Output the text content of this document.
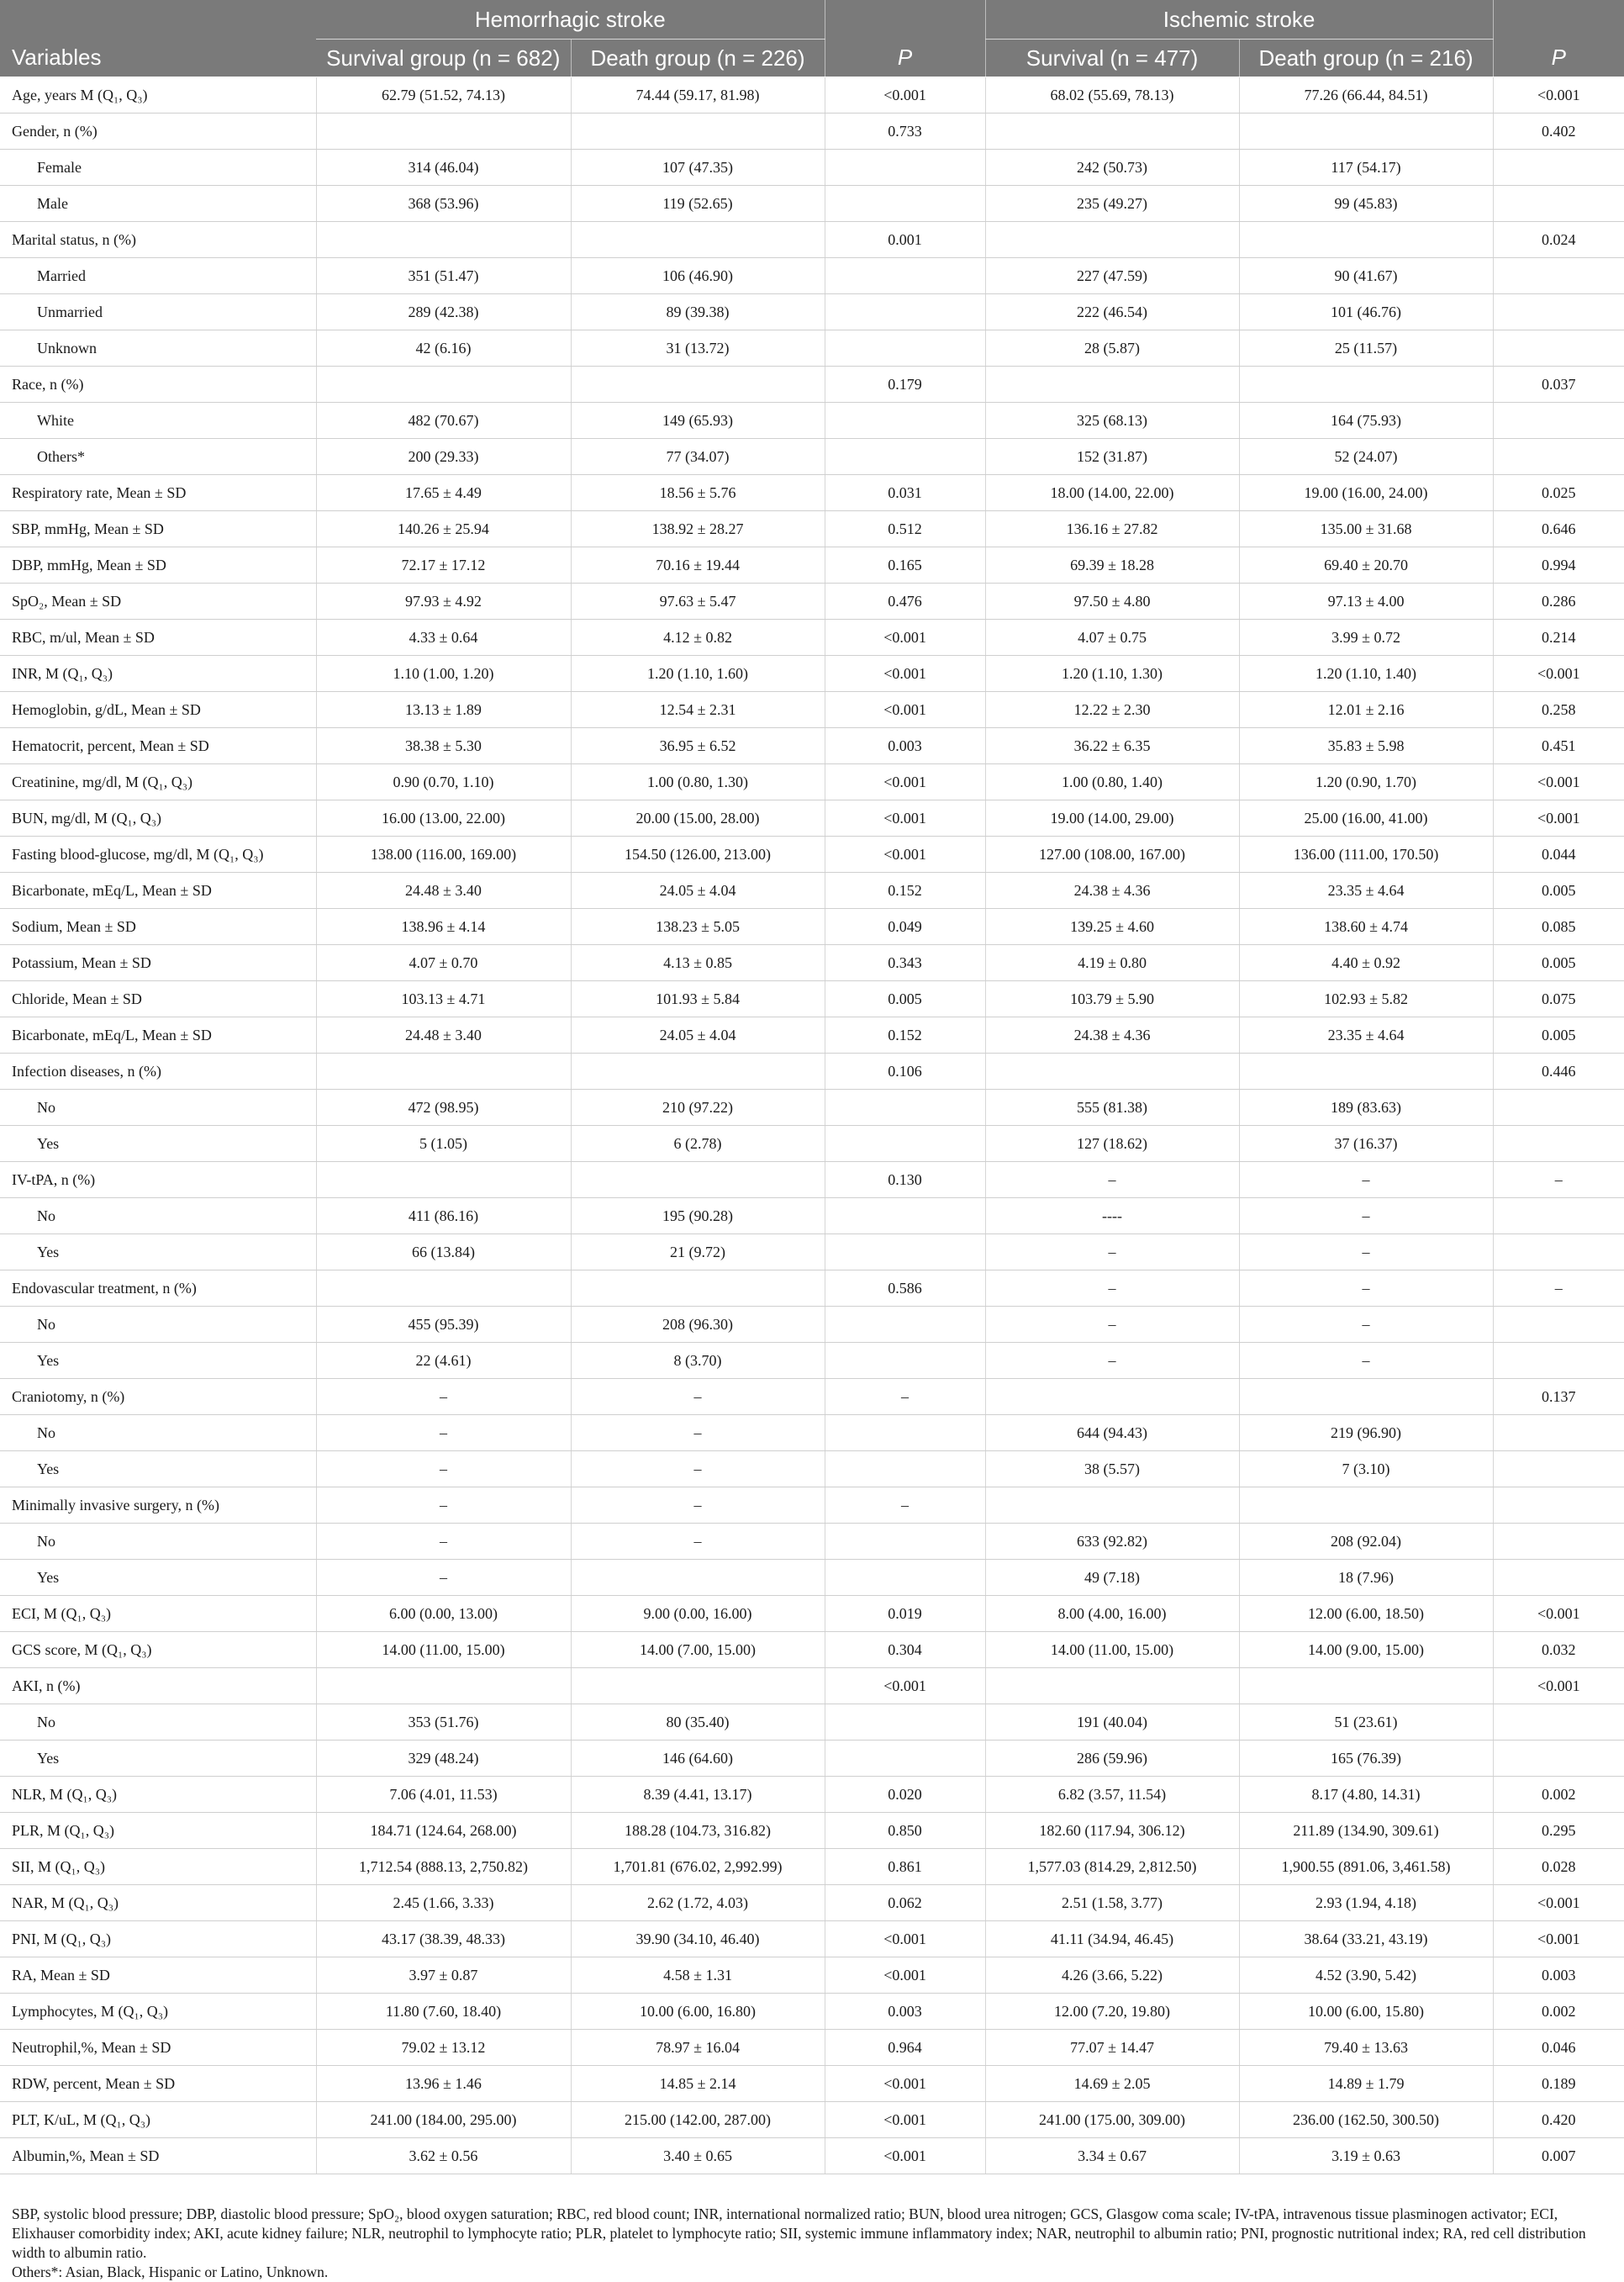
	Hemorrhagic stroke			Ischemic stroke		
Variables	Survival group (n = 682)	Death group (n = 226)	P	Survival (n = 477)	Death group (n = 216)	P
Age, years M (Q₁, Q₃)	62.79 (51.52, 74.13)	74.44 (59.17, 81.98)	<0.001	68.02 (55.69, 78.13)	77.26 (66.44, 84.51)	<0.001
Gender, n (%)			0.733			0.402
Female	314 (46.04)	107 (47.35)		242 (50.73)	117 (54.17)	
Male	368 (53.96)	119 (52.65)		235 (49.27)	99 (45.83)	
Marital status, n (%)			0.001			0.024
Married	351 (51.47)	106 (46.90)		227 (47.59)	90 (41.67)	
Unmarried	289 (42.38)	89 (39.38)		222 (46.54)	101 (46.76)	
Unknown	42 (6.16)	31 (13.72)		28 (5.87)	25 (11.57)	
Race, n (%)			0.179			0.037
White	482 (70.67)	149 (65.93)		325 (68.13)	164 (75.93)	
Others*	200 (29.33)	77 (34.07)		152 (31.87)	52 (24.07)	
Respiratory rate, Mean ± SD	17.65 ± 4.49	18.56 ± 5.76	0.031	18.00 (14.00, 22.00)	19.00 (16.00, 24.00)	0.025
SBP, mmHg, Mean ± SD	140.26 ± 25.94	138.92 ± 28.27	0.512	136.16 ± 27.82	135.00 ± 31.68	0.646
DBP, mmHg, Mean ± SD	72.17 ± 17.12	70.16 ± 19.44	0.165	69.39 ± 18.28	69.40 ± 20.70	0.994
SpO₂, Mean ± SD	97.93 ± 4.92	97.63 ± 5.47	0.476	97.50 ± 4.80	97.13 ± 4.00	0.286
RBC, m/ul, Mean ± SD	4.33 ± 0.64	4.12 ± 0.82	<0.001	4.07 ± 0.75	3.99 ± 0.72	0.214
INR, M (Q₁, Q₃)	1.10 (1.00, 1.20)	1.20 (1.10, 1.60)	<0.001	1.20 (1.10, 1.30)	1.20 (1.10, 1.40)	<0.001
Hemoglobin, g/dL, Mean ± SD	13.13 ± 1.89	12.54 ± 2.31	<0.001	12.22 ± 2.30	12.01 ± 2.16	0.258
Hematocrit, percent, Mean ± SD	38.38 ± 5.30	36.95 ± 6.52	0.003	36.22 ± 6.35	35.83 ± 5.98	0.451
Creatinine, mg/dl, M (Q₁, Q₃)	0.90 (0.70, 1.10)	1.00 (0.80, 1.30)	<0.001	1.00 (0.80, 1.40)	1.20 (0.90, 1.70)	<0.001
BUN, mg/dl, M (Q₁, Q₃)	16.00 (13.00, 22.00)	20.00 (15.00, 28.00)	<0.001	19.00 (14.00, 29.00)	25.00 (16.00, 41.00)	<0.001
Fasting blood-glucose, mg/dl, M (Q₁, Q₃)	138.00 (116.00, 169.00)	154.50 (126.00, 213.00)	<0.001	127.00 (108.00, 167.00)	136.00 (111.00, 170.50)	0.044
Bicarbonate, mEq/L, Mean ± SD	24.48 ± 3.40	24.05 ± 4.04	0.152	24.38 ± 4.36	23.35 ± 4.64	0.005
Sodium, Mean ± SD	138.96 ± 4.14	138.23 ± 5.05	0.049	139.25 ± 4.60	138.60 ± 4.74	0.085
Potassium, Mean ± SD	4.07 ± 0.70	4.13 ± 0.85	0.343	4.19 ± 0.80	4.40 ± 0.92	0.005
Chloride, Mean ± SD	103.13 ± 4.71	101.93 ± 5.84	0.005	103.79 ± 5.90	102.93 ± 5.82	0.075
Bicarbonate, mEq/L, Mean ± SD	24.48 ± 3.40	24.05 ± 4.04	0.152	24.38 ± 4.36	23.35 ± 4.64	0.005
Infection diseases, n (%)			0.106			0.446
No	472 (98.95)	210 (97.22)		555 (81.38)	189 (83.63)	
Yes	5 (1.05)	6 (2.78)		127 (18.62)	37 (16.37)	
IV-tPA, n (%)			0.130	–	–	–
No	411 (86.16)	195 (90.28)		----	–	
Yes	66 (13.84)	21 (9.72)		–	–	
Endovascular treatment, n (%)			0.586	–	–	–
No	455 (95.39)	208 (96.30)		–	–	
Yes	22 (4.61)	8 (3.70)		–	–	
Craniotomy, n (%)	–	–	–			0.137
No	–	–		644 (94.43)	219 (96.90)	
Yes	–	–		38 (5.57)	7 (3.10)	
Minimally invasive surgery, n (%)	–	–	–			
No	–	–		633 (92.82)	208 (92.04)	
Yes	–			49 (7.18)	18 (7.96)	
ECI, M (Q₁, Q₃)	6.00 (0.00, 13.00)	9.00 (0.00, 16.00)	0.019	8.00 (4.00, 16.00)	12.00 (6.00, 18.50)	<0.001
GCS score, M (Q₁, Q₃)	14.00 (11.00, 15.00)	14.00 (7.00, 15.00)	0.304	14.00 (11.00, 15.00)	14.00 (9.00, 15.00)	0.032
AKI, n (%)			<0.001			<0.001
No	353 (51.76)	80 (35.40)		191 (40.04)	51 (23.61)	
Yes	329 (48.24)	146 (64.60)		286 (59.96)	165 (76.39)	
NLR, M (Q₁, Q₃)	7.06 (4.01, 11.53)	8.39 (4.41, 13.17)	0.020	6.82 (3.57, 11.54)	8.17 (4.80, 14.31)	0.002
PLR, M (Q₁, Q₃)	184.71 (124.64, 268.00)	188.28 (104.73, 316.82)	0.850	182.60 (117.94, 306.12)	211.89 (134.90, 309.61)	0.295
SII, M (Q₁, Q₃)	1,712.54 (888.13, 2,750.82)	1,701.81 (676.02, 2,992.99)	0.861	1,577.03 (814.29, 2,812.50)	1,900.55 (891.06, 3,461.58)	0.028
NAR, M (Q₁, Q₃)	2.45 (1.66, 3.33)	2.62 (1.72, 4.03)	0.062	2.51 (1.58, 3.77)	2.93 (1.94, 4.18)	<0.001
PNI, M (Q₁, Q₃)	43.17 (38.39, 48.33)	39.90 (34.10, 46.40)	<0.001	41.11 (34.94, 46.45)	38.64 (33.21, 43.19)	<0.001
RA, Mean ± SD	3.97 ± 0.87	4.58 ± 1.31	<0.001	4.26 (3.66, 5.22)	4.52 (3.90, 5.42)	0.003
Lymphocytes, M (Q₁, Q₃)	11.80 (7.60, 18.40)	10.00 (6.00, 16.80)	0.003	12.00 (7.20, 19.80)	10.00 (6.00, 15.80)	0.002
Neutrophil,%, Mean ± SD	79.02 ± 13.12	78.97 ± 16.04	0.964	77.07 ± 14.47	79.40 ± 13.63	0.046
RDW, percent, Mean ± SD	13.96 ± 1.46	14.85 ± 2.14	<0.001	14.69 ± 2.05	14.89 ± 1.79	0.189
PLT, K/uL, M (Q₁, Q₃)	241.00 (184.00, 295.00)	215.00 (142.00, 287.00)	<0.001	241.00 (175.00, 309.00)	236.00 (162.50, 300.50)	0.420
Albumin,%, Mean ± SD	3.62 ± 0.56	3.40 ± 0.65	<0.001	3.34 ± 0.67	3.19 ± 0.63	0.007

SBP, systolic blood pressure; DBP, diastolic blood pressure; SpO₂, blood oxygen saturation; RBC, red blood count; INR, international normalized ratio; BUN, blood urea nitrogen; GCS, Glasgow coma scale; IV-tPA, intravenous tissue plasminogen activator; ECI, Elixhauser comorbidity index; AKI, acute kidney failure; NLR, neutrophil to lymphocyte ratio; PLR, platelet to lymphocyte ratio; SII, systemic immune inflammatory index; NAR, neutrophil to albumin ratio; PNI, prognostic nutritional index; RA, red cell distribution width to albumin ratio.

Others*: Asian, Black, Hispanic or Latino, Unknown.
